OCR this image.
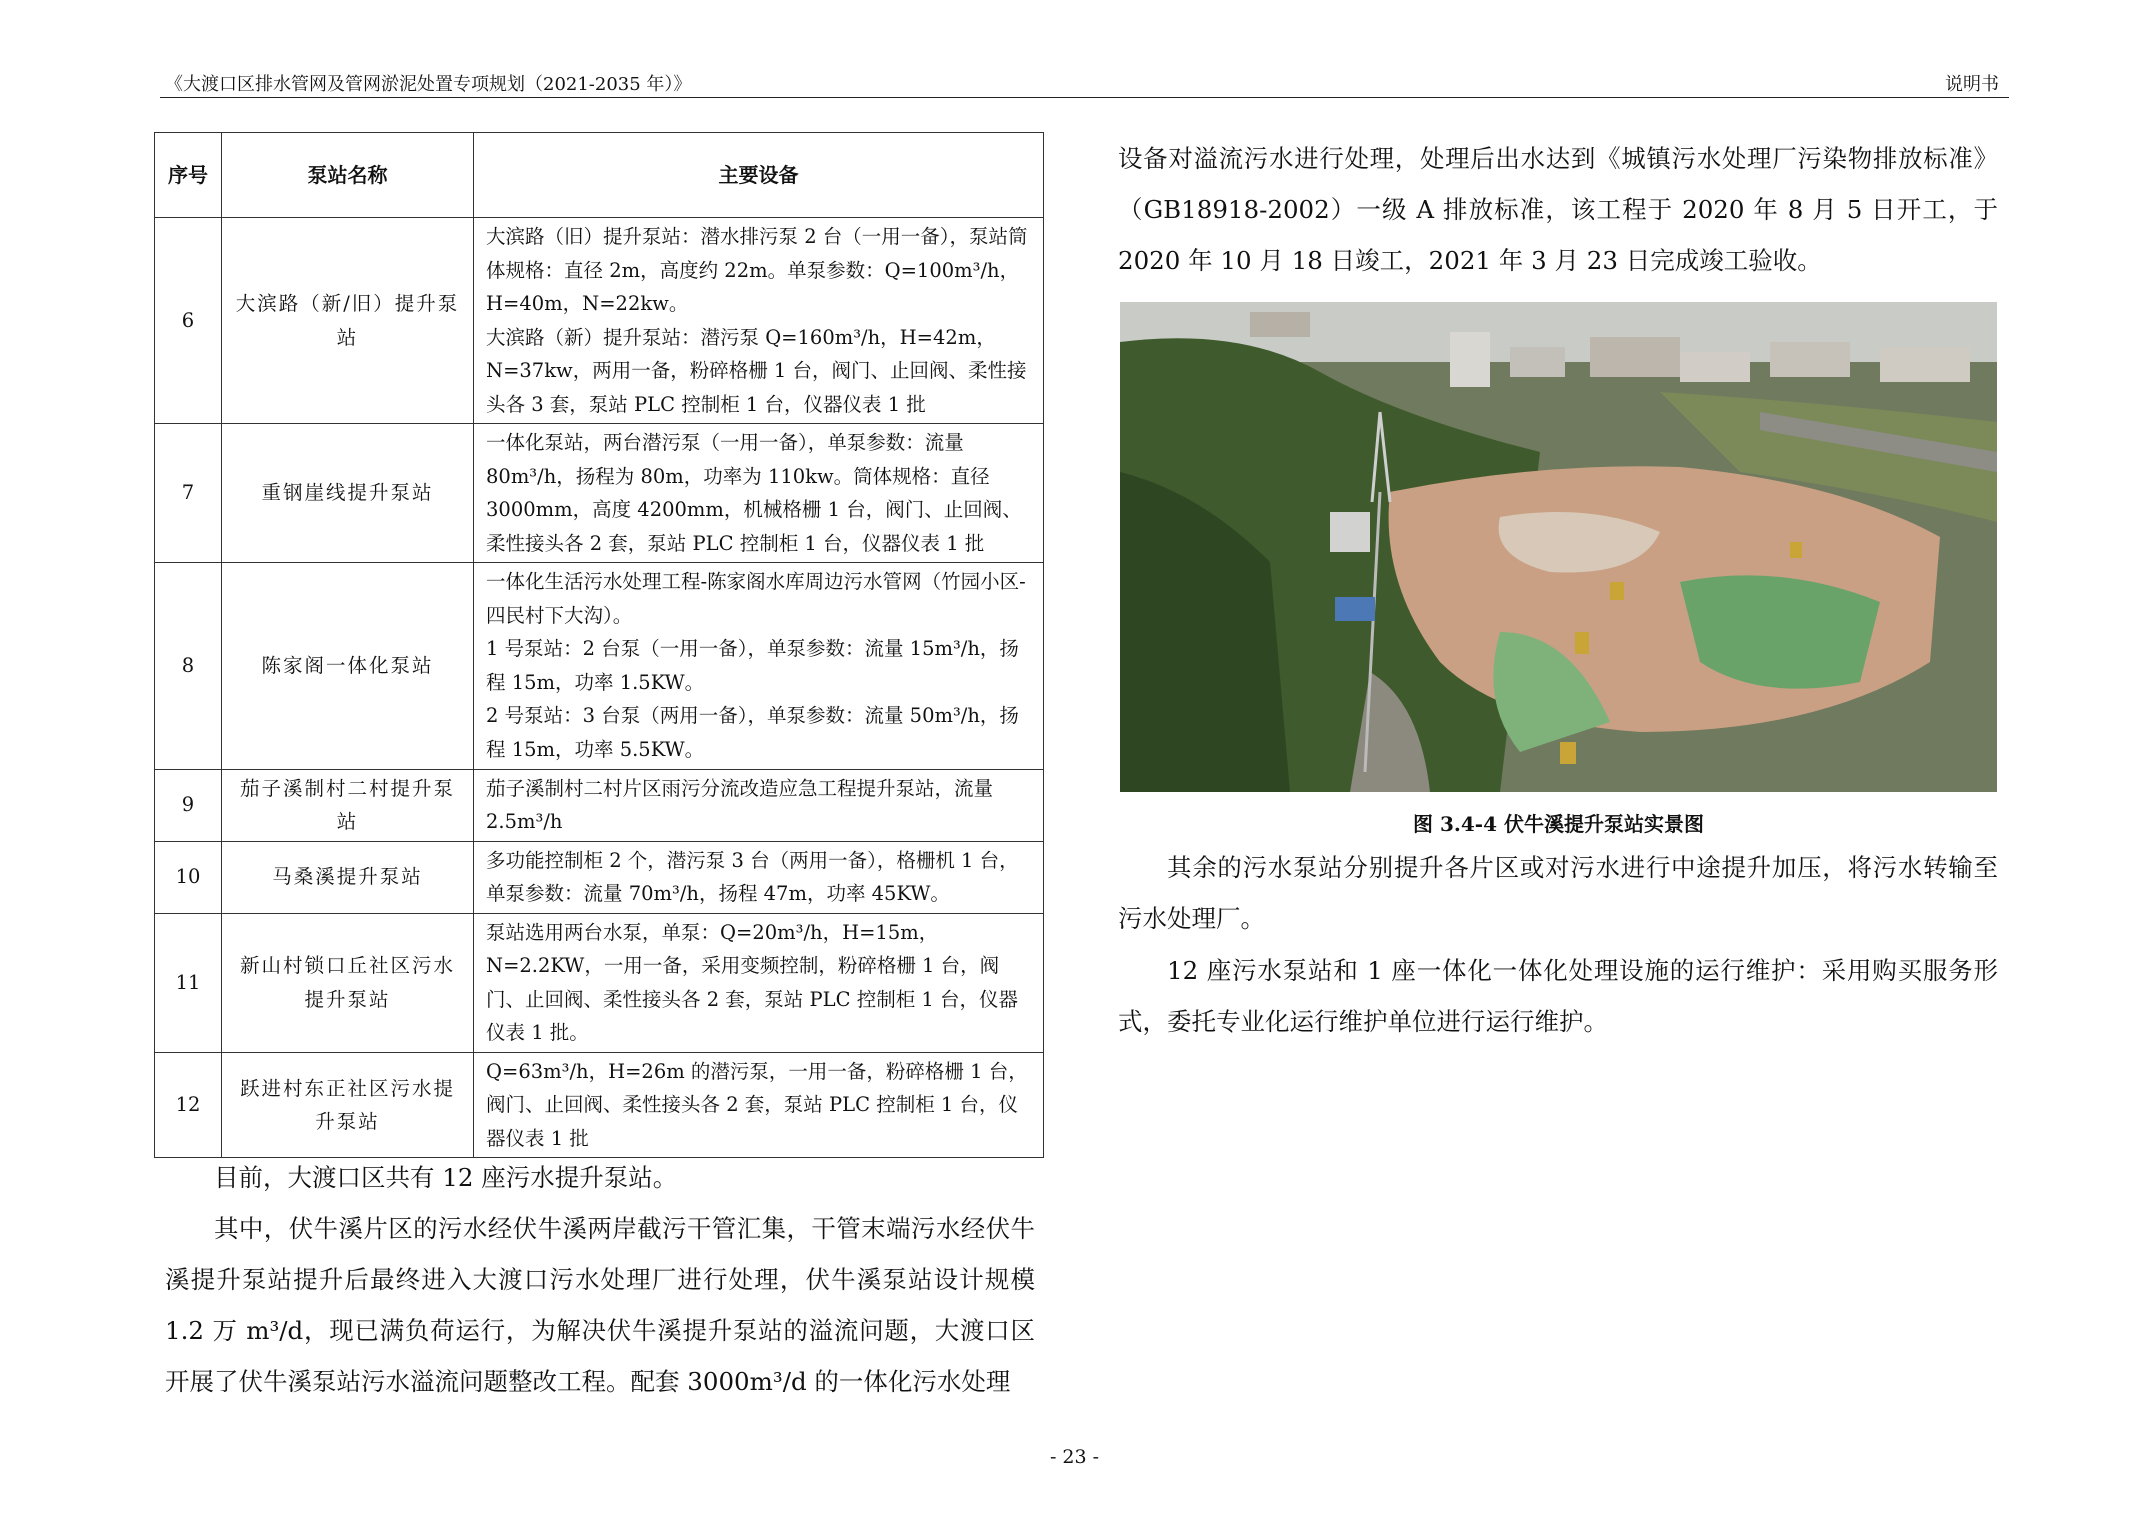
《大渡口区排水管网及管网淤泥处置专项规划（2021-2035 年）》	说明书
序号	泵站名称	主要设备
6	大滨路（新/旧）提升泵站	大滨路（旧）提升泵站：潜水排污泵 2 台（一用一备），泵站筒体规格：直径 2m，高度约 22m。单泵参数：Q=100m³/h，H=40m，N=22kw。
大滨路（新）提升泵站：潜污泵 Q=160m³/h，H=42m，N=37kw，两用一备，粉碎格栅 1 台，阀门、止回阀、柔性接头各 3 套，泵站 PLC 控制柜 1 台，仪器仪表 1 批

7	重钢崖线提升泵站	一体化泵站，两台潜污泵（一用一备），单泵参数：流量 80m³/h，扬程为 80m，功率为 110kw。筒体规格：直径 3000mm，高度 4200mm，机械格栅 1 台，阀门、止回阀、柔性接头各 2 套，泵站 PLC 控制柜 1 台，仪器仪表 1 批

8	陈家阁一体化泵站	一体化生活污水处理工程-陈家阁水库周边污水管网（竹园小区-四民村下大沟）。
1 号泵站：2 台泵（一用一备），单泵参数：流量 15m³/h，扬程 15m，功率 1.5KW。
2 号泵站：3 台泵（两用一备），单泵参数：流量 50m³/h，扬程 15m，功率 5.5KW。

9	茄子溪制村二村提升泵站	茄子溪制村二村片区雨污分流改造应急工程提升泵站，流量 2.5m³/h

10	马桑溪提升泵站	多功能控制柜 2 个，潜污泵 3 台（两用一备），格栅机 1 台，单泵参数：流量 70m³/h，扬程 47m，功率 45KW。

11	新山村锁口丘社区污水提升泵站	泵站选用两台水泵，单泵：Q=20m³/h，H=15m，N=2.2KW，一用一备，采用变频控制，粉碎格栅 1 台，阀门、止回阀、柔性接头各 2 套，泵站 PLC 控制柜 1 台，仪器仪表 1 批。

12	跃进村东正社区污水提升泵站	Q=63m³/h，H=26m 的潜污泵，一用一备，粉碎格栅 1 台，阀门、止回阀、柔性接头各 2 套，泵站 PLC 控制柜 1 台，仪器仪表 1 批
目前，大渡口区共有 12 座污水提升泵站。
其中，伏牛溪片区的污水经伏牛溪两岸截污干管汇集，干管末端污水经伏牛溪提升泵站提升后最终进入大渡口污水处理厂进行处理，伏牛溪泵站设计规模 1.2 万 m³/d，现已满负荷运行，为解决伏牛溪提升泵站的溢流问题，大渡口区开展了伏牛溪泵站污水溢流问题整改工程。配套 3000m³/d 的一体化污水处理
设备对溢流污水进行处理，处理后出水达到《城镇污水处理厂污染物排放标准》（GB18918-2002）一级 A 排放标准，该工程于 2020 年 8 月 5 日开工，于 2020 年 10 月 18 日竣工，2021 年 3 月 23 日完成竣工验收。
图 3.4-4 伏牛溪提升泵站实景图
其余的污水泵站分别提升各片区或对污水进行中途提升加压，将污水转输至污水处理厂。
12 座污水泵站和 1 座一体化一体化处理设施的运行维护：采用购买服务形式，委托专业化运行维护单位进行运行维护。
- 23 -
